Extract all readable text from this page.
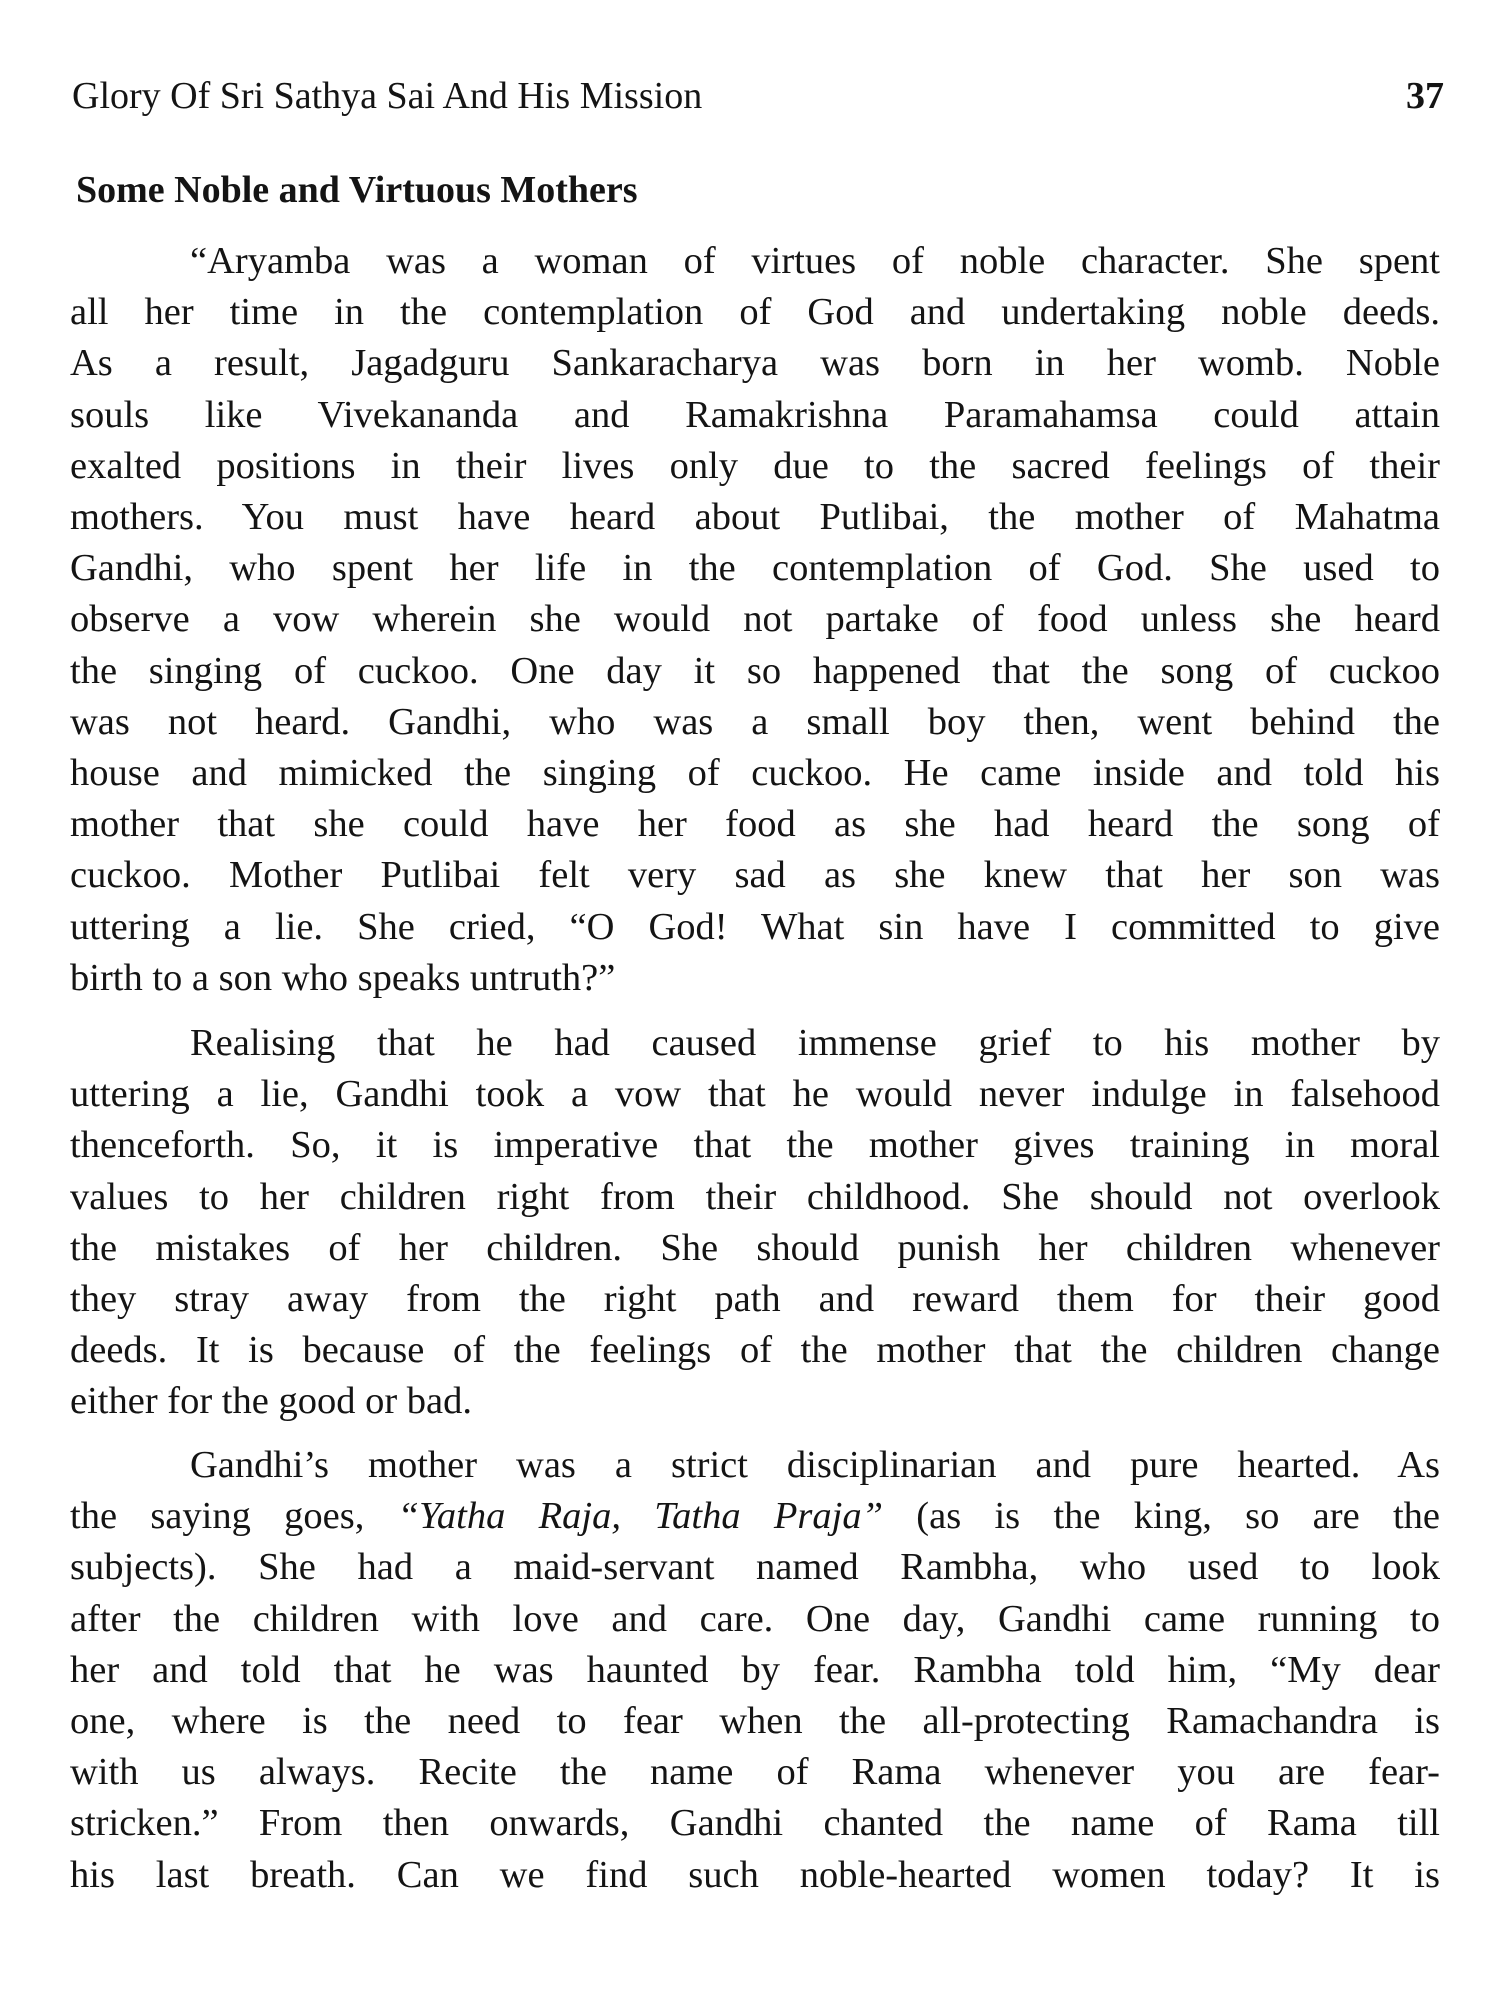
Glory Of Sri Sathya Sai And His Mission	37
Some Noble and Virtuous Mothers

“Aryamba was a woman of virtues of noble character. She spent
all her time in the contemplation of God and undertaking noble deeds.
As a result, Jagadguru Sankaracharya was born in her womb. Noble
souls like Vivekananda and Ramakrishna Paramahamsa could attain
exalted positions in their lives only due to the sacred feelings of their
mothers. You must have heard about Putlibai, the mother of Mahatma
Gandhi, who spent her life in the contemplation of God. She used to
observe a vow wherein she would not partake of food unless she heard
the singing of cuckoo. One day it so happened that the song of cuckoo
was not heard. Gandhi, who was a small boy then, went behind the
house and mimicked the singing of cuckoo. He came inside and told his
mother that she could have her food as she had heard the song of
cuckoo. Mother Putlibai felt very sad as she knew that her son was
uttering a lie. She cried, “O God! What sin have I committed to give
birth to a son who speaks untruth?”

Realising that he had caused immense grief to his mother by
uttering a lie, Gandhi took a vow that he would never indulge in falsehood
thenceforth. So, it is imperative that the mother gives training in moral
values to her children right from their childhood. She should not overlook
the mistakes of her children. She should punish her children whenever
they stray away from the right path and reward them for their good
deeds. It is because of the feelings of the mother that the children change
either for the good or bad.

Gandhi’s mother was a strict disciplinarian and pure hearted. As
the saying goes, “Yatha Raja, Tatha Praja” (as is the king, so are the
subjects). She had a maid-servant named Rambha, who used to look
after the children with love and care. One day, Gandhi came running to
her and told that he was haunted by fear. Rambha told him, “My dear
one, where is the need to fear when the all-protecting Ramachandra is
with us always. Recite the name of Rama whenever you are fear-
stricken.” From then onwards, Gandhi chanted the name of Rama till
his last breath. Can we find such noble-hearted women today? It is
